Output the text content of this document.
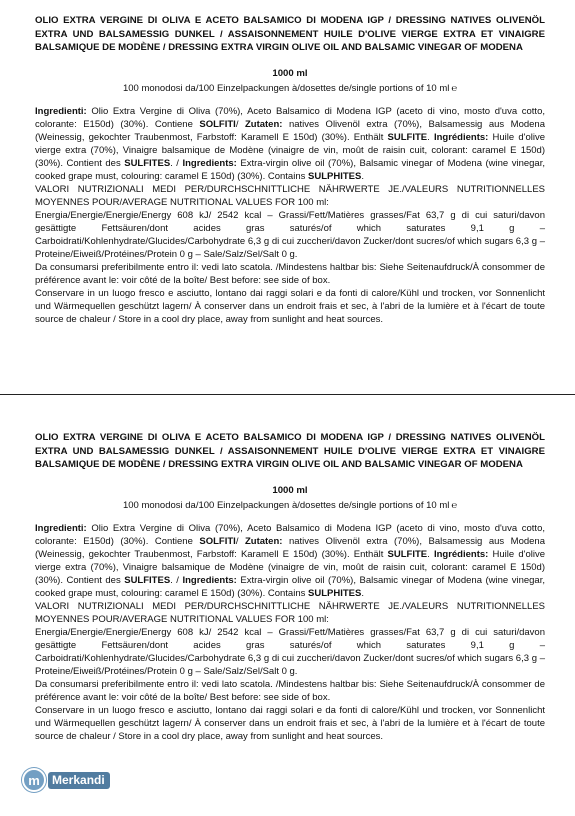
OLIO EXTRA VERGINE DI OLIVA E ACETO BALSAMICO DI MODENA IGP / DRESSING NATIVES OLIVENÖL EXTRA UND BALSAMESSIG DUNKEL / ASSAISONNEMENT HUILE D'OLIVE VIERGE EXTRA ET VINAIGRE BALSAMIQUE DE MODÈNE / DRESSING EXTRA VIRGIN OLIVE OIL AND BALSAMIC VINEGAR OF MODENA
1000 ml
100 monodosi da/100 Einzelpackungen à/dosettes de/single portions of 10 ml ℮

Ingredienti: Olio Extra Vergine di Oliva (70%), Aceto Balsamico di Modena IGP (aceto di vino, mosto d'uva cotto, colorante: E150d) (30%). Contiene SOLFITI/ Zutaten: natives Olivenöl extra (70%), Balsamessig aus Modena (Weinessig, gekochter Traubenmost, Farbstoff: Karamell E 150d) (30%). Enthält SULFITE. Ingrédients: Huile d'olive vierge extra (70%), Vinaigre balsamique de Modène (vinaigre de vin, moût de raisin cuit, colorant: caramel E 150d) (30%). Contient des SULFITES. / Ingredients: Extra-virgin olive oil (70%), Balsamic vinegar of Modena (wine vinegar, cooked grape must, colouring: caramel E 150d) (30%). Contains SULPHITES.

VALORI NUTRIZIONALI MEDI PER/DURCHSCHNITTLICHE NÄHRWERTE JE./VALEURS NUTRITIONNELLES MOYENNES POUR/AVERAGE NUTRITIONAL VALUES FOR 100 ml:

Energia/Energie/Energie/Energy 608 kJ/ 2542 kcal – Grassi/Fett/Matières grasses/Fat 63,7 g di cui saturi/davon gesättigte Fettsäuren/dont acides gras saturés/of which saturates 9,1 g – Carboidrati/Kohlenhydrate/Glucides/Carbohydrate 6,3 g di cui zuccheri/davon Zucker/dont sucres/of which sugars 6,3 g – Proteine/Eiweiß/Protéines/Protein 0 g – Sale/Salz/Sel/Salt 0 g.

Da consumarsi preferibilmente entro il: vedi lato scatola. /Mindestens haltbar bis: Siehe Seitenaufdruck/À consommer de préférence avant le: voir côté de la boîte/ Best before: see side of box.

Conservare in un luogo fresco e asciutto, lontano dai raggi solari e da fonti di calore/Kühl und trocken, vor Sonnenlicht und Wärmequellen geschützt lagern/ À conserver dans un endroit frais et sec, à l'abri de la lumière et à l'écart de toute source de chaleur / Store in a cool dry place, away from sunlight and heat sources.

OLIO EXTRA VERGINE DI OLIVA E ACETO BALSAMICO DI MODENA IGP / DRESSING NATIVES OLIVENÖL EXTRA UND BALSAMESSIG DUNKEL / ASSAISONNEMENT HUILE D'OLIVE VIERGE EXTRA ET VINAIGRE BALSAMIQUE DE MODÈNE / DRESSING EXTRA VIRGIN OLIVE OIL AND BALSAMIC VINEGAR OF MODENA
1000 ml
100 monodosi da/100 Einzelpackungen à/dosettes de/single portions of 10 ml ℮

Ingredienti: Olio Extra Vergine di Oliva (70%), Aceto Balsamico di Modena IGP (aceto di vino, mosto d'uva cotto, colorante: E150d) (30%). Contiene SOLFITI/ Zutaten: natives Olivenöl extra (70%), Balsamessig aus Modena (Weinessig, gekochter Traubenmost, Farbstoff: Karamell E 150d) (30%). Enthält SULFITE. Ingrédients: Huile d'olive vierge extra (70%), Vinaigre balsamique de Modène (vinaigre de vin, moût de raisin cuit, colorant: caramel E 150d) (30%). Contient des SULFITES. / Ingredients: Extra-virgin olive oil (70%), Balsamic vinegar of Modena (wine vinegar, cooked grape must, colouring: caramel E 150d) (30%). Contains SULPHITES.

VALORI NUTRIZIONALI MEDI PER/DURCHSCHNITTLICHE NÄHRWERTE JE./VALEURS NUTRITIONNELLES MOYENNES POUR/AVERAGE NUTRITIONAL VALUES FOR 100 ml:

Energia/Energie/Energie/Energy 608 kJ/ 2542 kcal – Grassi/Fett/Matières grasses/Fat 63,7 g di cui saturi/davon gesättigte Fettsäuren/dont acides gras saturés/of which saturates 9,1 g – Carboidrati/Kohlenhydrate/Glucides/Carbohydrate 6,3 g di cui zuccheri/davon Zucker/dont sucres/of which sugars 6,3 g – Proteine/Eiweiß/Protéines/Protein 0 g – Sale/Salz/Sel/Salt 0 g.

Da consumarsi preferibilmente entro il: vedi lato scatola. /Mindestens haltbar bis: Siehe Seitenaufdruck/À consommer de préférence avant le: voir côté de la boîte/ Best before: see side of box.

Conservare in un luogo fresco e asciutto, lontano dai raggi solari e da fonti di calore/Kühl und trocken, vor Sonnenlicht und Wärmequellen geschützt lagern/ À conserver dans un endroit frais et sec, à l'abri de la lumière et à l'écart de toute source de chaleur / Store in a cool dry place, away from sunlight and heat sources.

m	Merkandi
